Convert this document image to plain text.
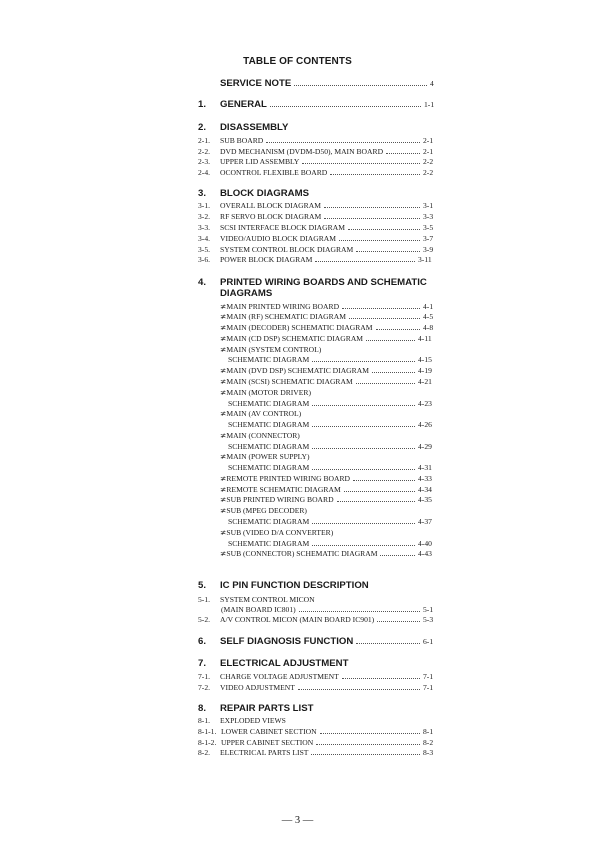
TABLE OF CONTENTS
SERVICE NOTE	4
1. GENERAL	1-1
2. DISASSEMBLY
2-1. SUB BOARD	2-1
2-2. DVD MECHANISM (DVDM-D50), MAIN BOARD	2-1
2-3. UPPER LID ASSEMBLY	2-2
2-4. OCONTROL FLEXIBLE BOARD	2-2
3. BLOCK DIAGRAMS
3-1. OVERALL BLOCK DIAGRAM	3-1
3-2. RF SERVO BLOCK DIAGRAM	3-3
3-3. SCSI INTERFACE BLOCK DIAGRAM	3-5
3-4. VIDEO/AUDIO BLOCK DIAGRAM	3-7
3-5. SYSTEM CONTROL BLOCK DIAGRAM	3-9
3-6. POWER BLOCK DIAGRAM	3-11
4. PRINTED WIRING BOARDS AND SCHEMATIC
DIAGRAMS
≭MAIN PRINTED WIRING BOARD	4-1
≭MAIN (RF) SCHEMATIC DIAGRAM	4-5
≭MAIN (DECODER) SCHEMATIC DIAGRAM	4-8
≭MAIN (CD DSP) SCHEMATIC DIAGRAM	4-11
≭MAIN (SYSTEM CONTROL)
SCHEMATIC DIAGRAM	4-15
≭MAIN (DVD DSP) SCHEMATIC DIAGRAM	4-19
≭MAIN (SCSI) SCHEMATIC DIAGRAM	4-21
≭MAIN (MOTOR DRIVER)
SCHEMATIC DIAGRAM	4-23
≭MAIN (AV CONTROL)
SCHEMATIC DIAGRAM	4-26
≭MAIN (CONNECTOR)
SCHEMATIC DIAGRAM	4-29
≭MAIN (POWER SUPPLY)
SCHEMATIC DIAGRAM	4-31
≭REMOTE PRINTED WIRING BOARD	4-33
≭REMOTE SCHEMATIC DIAGRAM	4-34
≭SUB PRINTED WIRING BOARD	4-35
≭SUB (MPEG DECODER)
SCHEMATIC DIAGRAM	4-37
≭SUB (VIDEO D/A CONVERTER)
SCHEMATIC DIAGRAM	4-40
≭SUB (CONNECTOR) SCHEMATIC DIAGRAM	4-43
5. IC PIN FUNCTION DESCRIPTION
5-1. SYSTEM CONTROL MICON
(MAIN BOARD IC801)	5-1
5-2. A/V CONTROL MICON (MAIN BOARD IC901)	5-3
6. SELF DIAGNOSIS FUNCTION	6-1
7. ELECTRICAL ADJUSTMENT
7-1. CHARGE VOLTAGE ADJUSTMENT	7-1
7-2. VIDEO ADJUSTMENT	7-1
8. REPAIR PARTS LIST
8-1. EXPLODED VIEWS
8-1-1. LOWER CABINET SECTION	8-1
8-1-2. UPPER CABINET SECTION	8-2
8-2. ELECTRICAL PARTS LIST	8-3
— 3 —
